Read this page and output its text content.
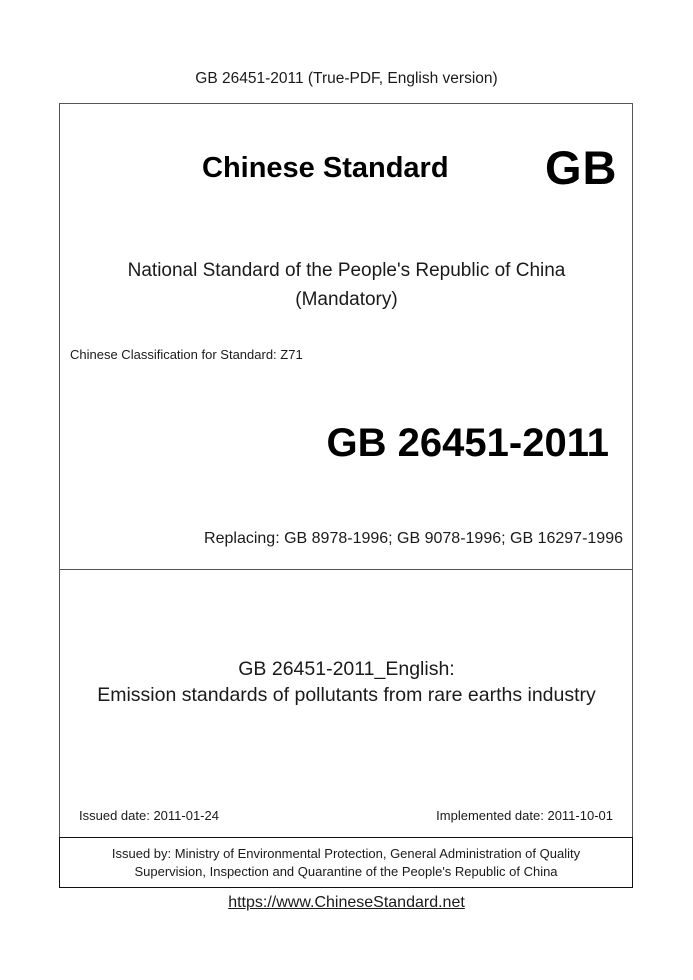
GB 26451-2011 (True-PDF, English version)
Chinese Standard GB
National Standard of the People's Republic of China
(Mandatory)
Chinese Classification for Standard: Z71
GB 26451-2011
Replacing: GB 8978-1996; GB 9078-1996; GB 16297-1996
GB 26451-2011_English:
Emission standards of pollutants from rare earths industry
Issued date: 2011-01-24	Implemented date: 2011-10-01
Issued by: Ministry of Environmental Protection, General Administration of Quality
Supervision, Inspection and Quarantine of the People's Republic of China
https://www.ChineseStandard.net
